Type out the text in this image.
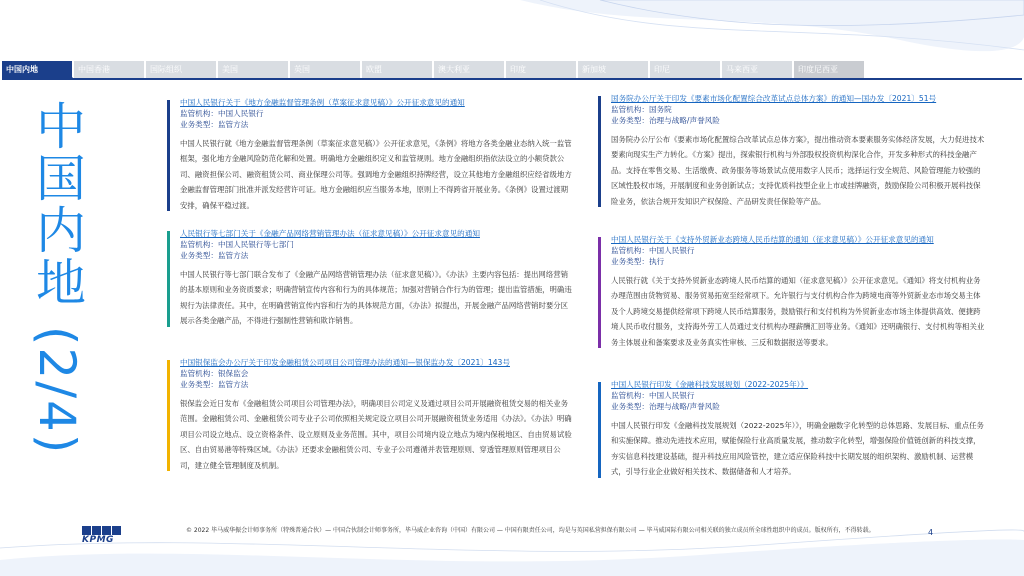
中国内地	中国香港	国际组织	美国	英国	欧盟	澳大利亚	印度	新加坡	印尼	马来西亚	印度尼西亚
中国内地 (2/4)	中国人民银行关于《地方金融监督管理条例（草案征求意见稿）》公开征求意见的通知
监管机构：中国人民银行
业务类型：监管方法
中国人民银行就《地方金融监督管理条例（草案征求意见稿）》公开征求意见，《条例》将地方各类金融业态纳入统一监管框架，强化地方金融风险防范化解和处置。明确地方金融组织定义和监管规则。地方金融组织指依法设立的小额贷款公司、融资担保公司、融资租赁公司、商业保理公司等。强调地方金融组织持牌经营，设立其他地方金融组织应经省级地方金融监督管理部门批准并派发经营许可证。地方金融组织应当服务本地，原则上不得跨省开展业务。《条例》设置过渡期安排，确保平稳过渡。
人民银行等七部门关于《金融产品网络营销管理办法（征求意见稿）》公开征求意见的通知
监管机构：中国人民银行等七部门
业务类型：监管方法
中国人民银行等七部门联合发布了《金融产品网络营销管理办法（征求意见稿）》。《办法》主要内容包括：提出网络营销的基本原则和业务资质要求；明确营销宣传内容和行为的具体规范；加强对营销合作行为的管理；提出监管措施，明确违规行为法律责任。其中，在明确营销宣传内容和行为的具体规范方面，《办法》拟提出，开展金融产品网络营销时要分区展示各类金融产品，不得进行强制性营销和欺诈销售。
中国银保监会办公厅关于印发金融租赁公司项目公司管理办法的通知—银保监办发〔2021〕143号
监管机构：银保监会
业务类型：监管方法
银保监会近日发布《金融租赁公司项目公司管理办法》，明确项目公司定义及通过项目公司开展融资租赁交易的相关业务范围。金融租赁公司、金融租赁公司专业子公司依照相关规定设立项目公司开展融资租赁业务适用《办法》。《办法》明确项目公司设立地点、设立资格条件、设立原则及业务范围。其中，项目公司境内设立地点为境内保税地区、自由贸易试验区、自由贸易港等特殊区域。《办法》还要求金融租赁公司、专业子公司遵循并表管理原则、穿透管理原则管理项目公司，建立健全管理制度及机制。
国务院办公厅关于印发《要素市场化配置综合改革试点总体方案》的通知—国办发〔2021〕51号
监管机构：国务院
业务类型：治理与战略/声誉风险
国务院办公厅公布《要素市场化配置综合改革试点总体方案》，提出推动资本要素服务实体经济发展，大力促进技术要素向现实生产力转化。《方案》提出，探索银行机构与外部股权投资机构深化合作，开发多种形式的科技金融产品。支持在零售交易、生活缴费、政务服务等场景试点使用数字人民币；选择运行安全规范、风险管理能力较强的区域性股权市场，开展制度和业务创新试点；支持优质科技型企业上市或挂牌融资，鼓励保险公司积极开展科技保险业务，依法合规开发知识产权保险、产品研发责任保险等产品。
中国人民银行关于《支持外贸新业态跨境人民币结算的通知（征求意见稿）》公开征求意见的通知
监管机构：中国人民银行
业务类型：执行
人民银行就《关于支持外贸新业态跨境人民币结算的通知（征求意见稿）》公开征求意见。《通知》将支付机构业务办理范围由货物贸易、服务贸易拓宽至经常项下。允许银行与支付机构合作为跨境电商等外贸新业态市场交易主体及个人跨境交易提供经常项下跨境人民币结算服务，鼓励银行和支付机构为外贸新业态市场主体提供高效、便捷跨境人民币收付服务，支持海外劳工人员通过支付机构办理薪酬汇回等业务。《通知》还明确银行、支付机构等相关业务主体展业和备案要求及业务真实性审核、三反和数据报送等要求。
中国人民银行印发《金融科技发展规划（2022-2025年）》
监管机构：中国人民银行
业务类型：治理与战略/声誉风险
中国人民银行印发《金融科技发展规划（2022-2025年）》，明确金融数字化转型的总体思路、发展目标、重点任务和实施保障。推动先进技术应用，赋能保险行业高质量发展，推动数字化转型，增强保险价值链创新的科技支撑，夯实信息科技建设基础，提升科技应用风险管控，建立适应保险科技中长期发展的组织架构、激励机制、运营模式，引导行业企业做好相关技术、数据储备和人才培养。
KPMG
© 2022 毕马威华振会计师事务所（特殊普通合伙）— 中国合伙制会计师事务所，毕马威企业咨询（中国）有限公司 — 中国有限责任公司，均是与英国私营担保有限公司 — 毕马威国际有限公司相关联的独立成员所全球性组织中的成员。版权所有，不得转载。	4
